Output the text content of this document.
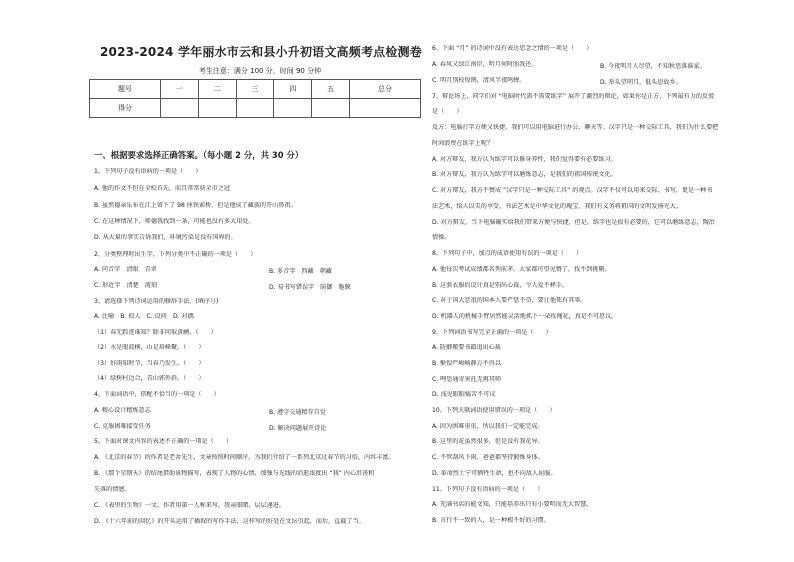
2023-2024 学年丽水市云和县小升初语文高频考点检测卷
考生注意：满分 100 分，时间 90 分钟
题号	一	二	三	四	五	总分
得分						
一、根据要求选择正确答案。（每小题 2 分，共 30 分）
1、下列句子没有语病的一项是（　　）
A. 他的作文不但在全校首先，而且常常获全市之冠
B. 虽然德亲乐布在江上留下了 98 座铁索桥，但是他成了藏族的开山鼻祖。
C. 在这种情况下，师德我找到一条，可能也没有多大用处。
D. 从大量的事实告诉我们，环境污染是没有国界的。
2、分类整理时出生字，下列分类中不正确的一项是（　　）
A. 同音字　清眼　青翠
C. 形近字　清楚　流刻
3、请选择下列诗词运用的修辞手法。(填序号)
A. 比喻　B. 拟人　C. 设问　D. 对偶
（1）春无踪迹谁知？除非问取黄鹂。（　　）
（2）水是眼波横，山是眉峰聚。（　　）
（3）好雨知时节，当春乃发生。（　　）
（4）绿树村边合，青山郭外斜。（　　）
4、下面词语中，搭配不恰当的一项是（　　）
A. 精心设计精炼意志
C. 克服困难接受任务
5、下面对课文内容的表述不正确的一项是（　　）
A. 《北京的春节》的作者是老舍先生，文章按照时间顺序，为我们介绍了一系列北京过春节的习俗，内容丰富。
B. 《那个星期天》的结尾借助景物描写，表现了人物的心情，加强与光线的消逝浓度出 “我” 内心沮丧和
失落的情感。
C. 《表里的生物》一文，作者用第一人称来写，我亲眼睹，层层递进。
D. 《十六年前的回忆》的开头运用了插叙的写作手法，这样写的好处在文坛引起，而后，直截了当。
B. 多音字　西藏　朝藏
D. 易书写错误字　防御　脆膜
B. 遵守交通精存自觉
D. 解决问题展开诗论
6、下面 “月” 的诗词中没有表达思念之情的一项是（　　）
A. 春风又绿江南岸，明月何时照我还。
C. 明月别枝惊鹊，清风半夜鸣蝉。
7、辩论场上，同学们对 “电脑时代需不需要练字” 展开了激烈的辩论，如果你是正方，下列最有力的反驳
是（　　）
反方：电脑打字方便又快捷。我们可以用电脑进行办公、聊天等。汉字只是一种交际工具，我们为什么要把
时间浪费在练字上呢？
A. 对方辩友，我方认为练字可以修身养性，我们觉得要有必要练习。
B. 对方辩友，我方认为练字可以磨炼意志，是我们的祖国传统文化。
C. 对方辩友，我方不赞成 “汉字只是一种交际工具” 的观点。汉字不仅可以用来交际、书写，更是一种书
法艺术，给人以美的享受。书法艺术是中华文化的瑰宝，我们有义务将祖国的文明发扬光大。
D. 对方辩友，当下电脑确实给我们带来方便与快捷，但是，练字也是很有必要的，它可以磨练意志，陶冶
情操。
8、下列句子中，加点的成语使用有误的一项是（　　）
A. 他每次考试成绩都名列前茅，大家都可望见赞了，找不到挑剔。
B. 这套衣服的设计真是别出心裁，令人爱不释手。
C. 对于国大恶很的国本人要严惩不贷，要让他死有其辜。
D. 机器人的机械手臂居然能灵活地抓下一朵玫瑰花，真是不可思议。
9、下列词语书写完全正确的一项是（　　）
A. 防御搬要书籍追出心裁
B. 惭惶严峻崎静万不得以
C. 哩恐通寄害托无再其师
D. 浅见眼眼孀苦不可议
10、下列关联词语使用错误的一项是（　　）
A. 因为困难重重，所以我们一定能完成。
B. 这里的花虽然很多，但是没有我花异。
C. 不管刮风下雨，爸爸都坚持锻炼身体。
D. 革命烈士宁可牺牲生命，也不向敌人屈服。
11、下列句子没有语病的一项是（　　）
A. 充满书店的能文知，只能培养出只有小要明而无大智慧。
B. 言行不一致的人，是一种根不好的习惯。
B. 今夜明月人尽望，不知秋思落谁家。
D. 举头望明月，低头思故乡。
